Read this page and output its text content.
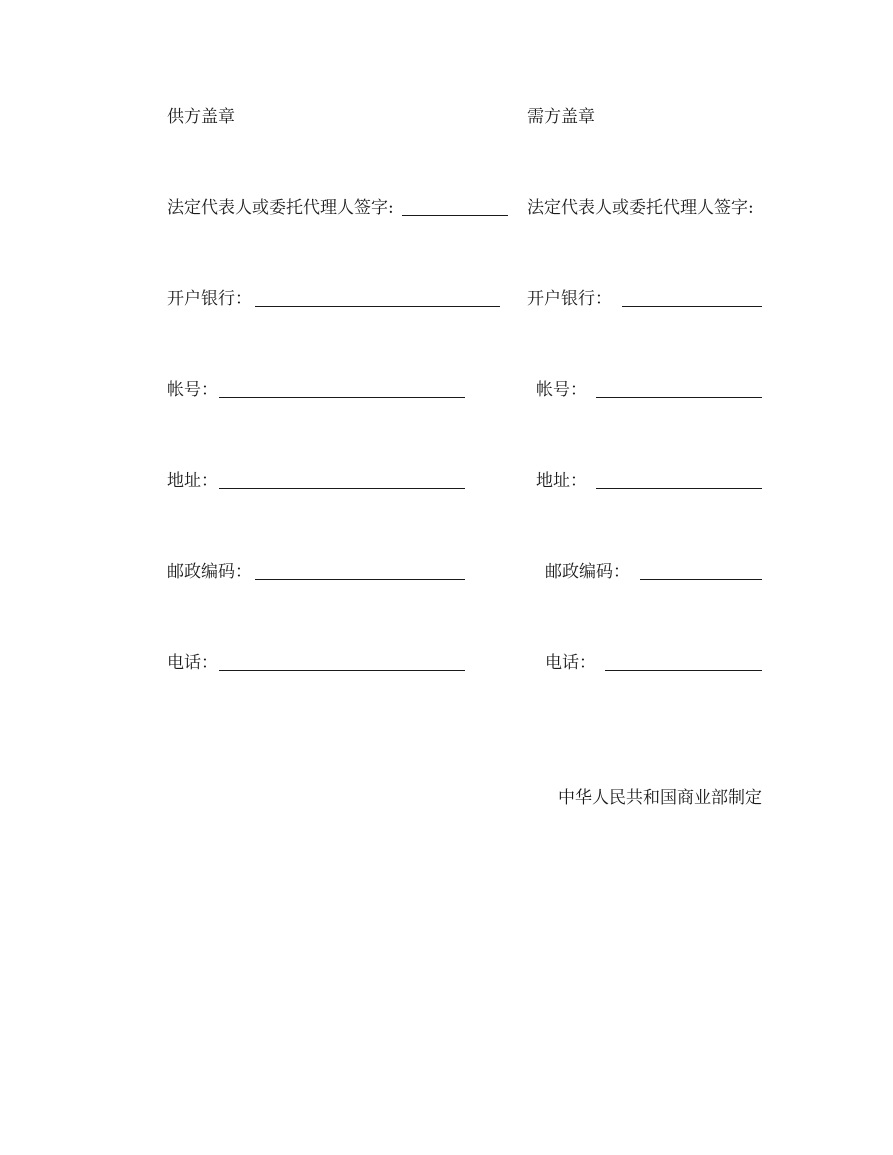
供方盖章
法定代表人或委托代理人签字:
开户银行：
帐号：
地址：
邮政编码：
电话：
需方盖章
法定代表人或委托代理人签字:
开户银行：
帐号：
地址：
邮政编码：
电话：
中华人民共和国商业部制定
